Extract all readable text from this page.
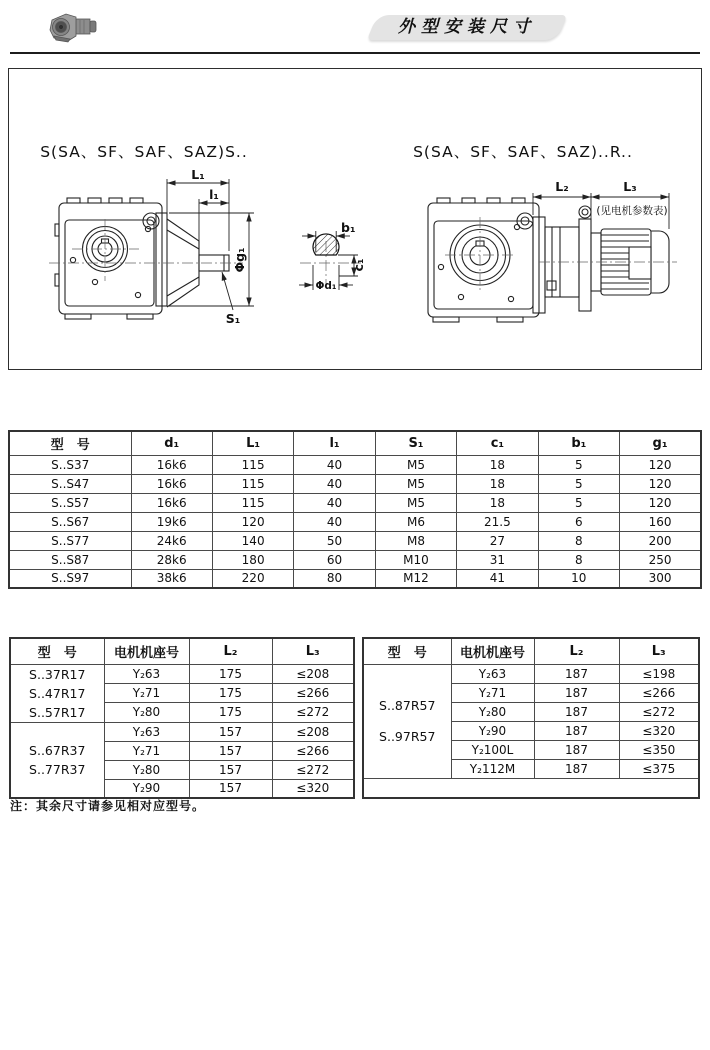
外型安装尺寸
S(SA、SF、SAF、SAZ)S..	S(SA、SF、SAF、SAZ)..R..
L₁
l₁
Φg₁
S₁
b₁
c₁
Φd₁
L₂	L₃
(见电机参数表)
型　号	d₁	L₁	l₁	S₁	c₁	b₁	g₁
S..S37	16k6	115	40	M5	18	5	120
S..S47	16k6	115	40	M5	18	5	120
S..S57	16k6	115	40	M5	18	5	120
S..S67	19k6	120	40	M6	21.5	6	160
S..S77	24k6	140	50	M8	27	8	200
S..S87	28k6	180	60	M10	31	8	250
S..S97	38k6	220	80	M12	41	10	300
型　号	电机机座号	L₂	L₃

S..37R17
S..47R17
S..57R17	Y₂63	175	≤208
	Y₂71	175	≤266
	Y₂80	175	≤272

S..67R37
S..77R37	Y₂63	157	≤208
	Y₂71	157	≤266
	Y₂80	157	≤272
	Y₂90	157	≤320
型　号	电机机座号	L₂	L₃

S..87R57
S..97R57	Y₂63	187	≤198
	Y₂71	187	≤266
	Y₂80	187	≤272
	Y₂90	187	≤320
	Y₂100L	187	≤350
	Y₂112M	187	≤375

注：其余尺寸请参见相对应型号。
